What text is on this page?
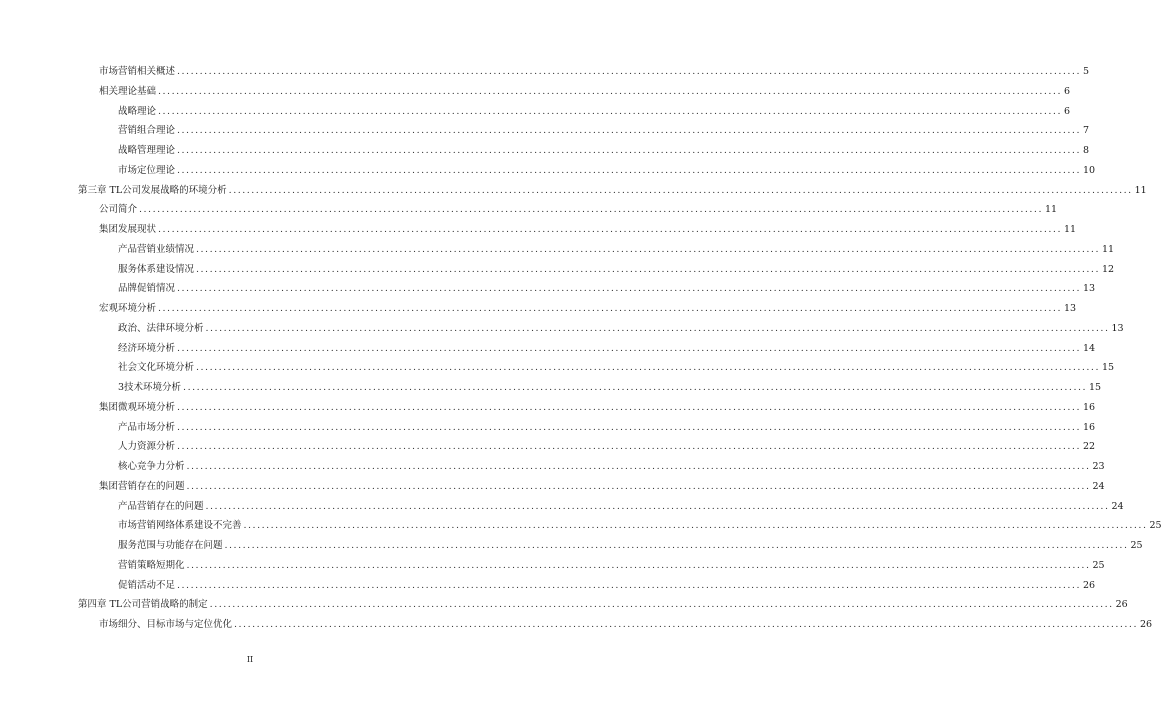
市场营销相关概述 ........................................................................................................................................................................................................ 5
相关理论基础 ........................................................................................................................................................................................................ 6
战略理论 ........................................................................................................................................................................................................ 6
营销组合理论 ........................................................................................................................................................................................................ 7
战略管理理论 ........................................................................................................................................................................................................ 8
市场定位理论 ........................................................................................................................................................................................................ 10
第三章 TL公司发展战略的环境分析 ........................................................................................................................................................................................................ 11
公司简介 ........................................................................................................................................................................................................ 11
集团发展现状 ........................................................................................................................................................................................................ 11
产品营销业绩情况 ........................................................................................................................................................................................................ 11
服务体系建设情况 ........................................................................................................................................................................................................ 12
品牌促销情况 ........................................................................................................................................................................................................ 13
宏观环境分析 ........................................................................................................................................................................................................ 13
政治、法律环境分析 ........................................................................................................................................................................................................ 13
经济环境分析 ........................................................................................................................................................................................................ 14
社会文化环境分析 ........................................................................................................................................................................................................ 15
3技术环境分析 ........................................................................................................................................................................................................ 15
集团微观环境分析 ........................................................................................................................................................................................................ 16
产品市场分析 ........................................................................................................................................................................................................ 16
人力资源分析 ........................................................................................................................................................................................................ 22
核心竞争力分析 ........................................................................................................................................................................................................ 23
集团营销存在的问题 ........................................................................................................................................................................................................ 24
产品营销存在的问题 ........................................................................................................................................................................................................ 24
市场营销网络体系建设不完善 ........................................................................................................................................................................................................ 25
服务范围与功能存在问题 ........................................................................................................................................................................................................ 25
营销策略短期化 ........................................................................................................................................................................................................ 25
促销活动不足 ........................................................................................................................................................................................................ 26
第四章 TL公司营销战略的制定 ........................................................................................................................................................................................................ 26
市场细分、目标市场与定位优化 ........................................................................................................................................................................................................ 26
II
